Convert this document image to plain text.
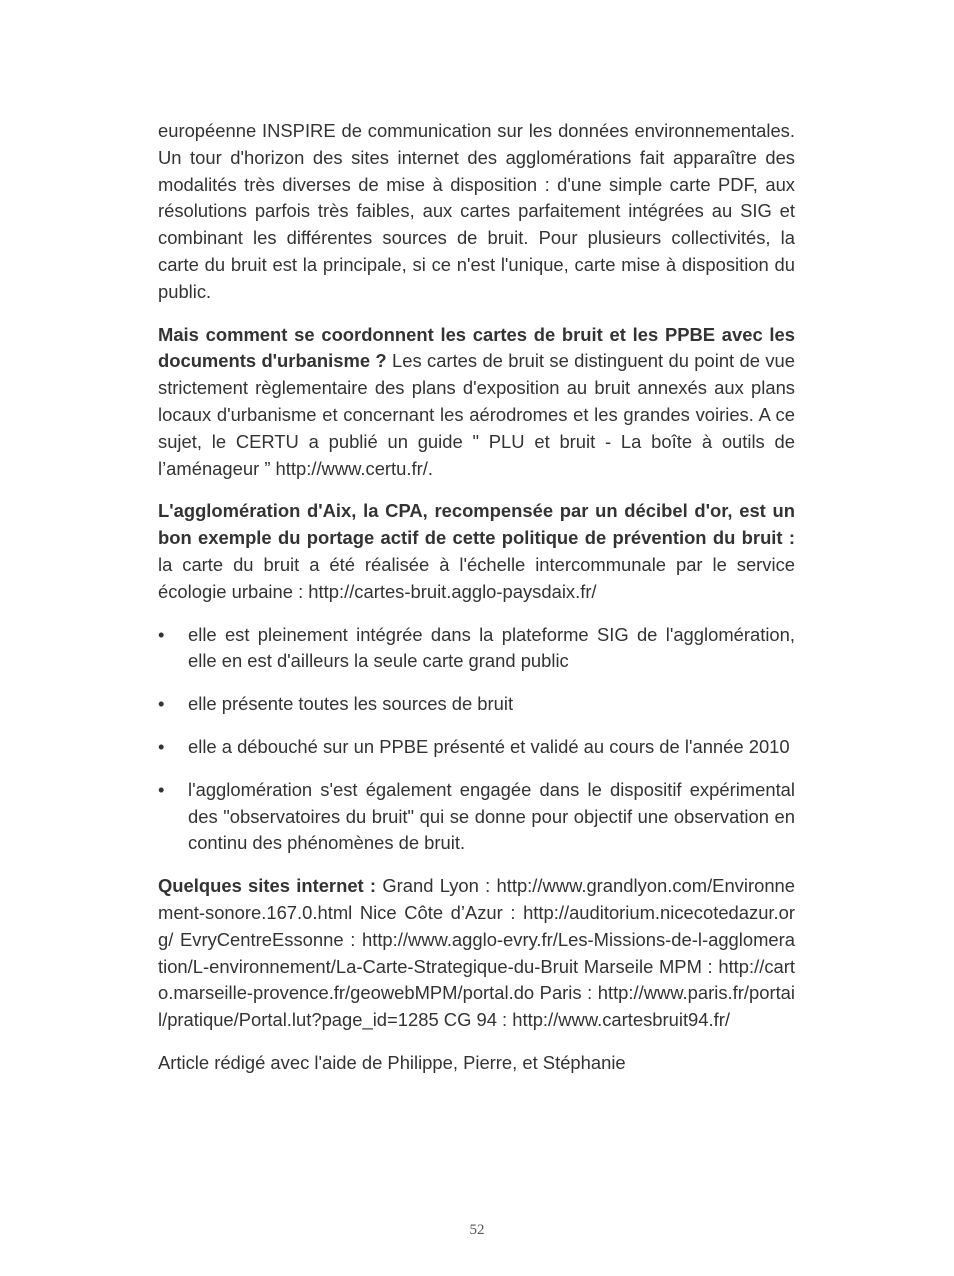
européenne INSPIRE de communication sur les données environnementales. Un tour d'horizon des sites internet des agglomérations fait apparaître des modalités très diverses de mise à disposition : d'une simple carte PDF, aux résolutions parfois très faibles, aux cartes parfaitement intégrées au SIG et combinant les différentes sources de bruit. Pour plusieurs collectivités, la carte du bruit est la principale, si ce n'est l'unique, carte mise à disposition du public.

Mais comment se coordonnent les cartes de bruit et les PPBE avec les documents d'urbanisme ? Les cartes de bruit se distinguent du point de vue strictement règlementaire des plans d'exposition au bruit annexés aux plans locaux d'urbanisme et concernant les aérodromes et les grandes voiries. A ce sujet, le CERTU a publié un guide " PLU et bruit - La boîte à outils de l’aménageur ” http://www.certu.fr/.

L'agglomération d'Aix, la CPA, recompensée par un décibel d'or, est un bon exemple du portage actif de cette politique de prévention du bruit : la carte du bruit a été réalisée à l'échelle intercommunale par le service écologie urbaine : http://cartes-bruit.agglo-paysdaix.fr/

• elle est pleinement intégrée dans la plateforme SIG de l'agglomération, elle en est d'ailleurs la seule carte grand public
• elle présente toutes les sources de bruit
• elle a débouché sur un PPBE présenté et validé au cours de l'année 2010
• l'agglomération s'est également engagée dans le dispositif expérimental des "observatoires du bruit" qui se donne pour objectif une observation en continu des phénomènes de bruit.

Quelques sites internet : Grand Lyon : http://www.grandlyon.com/Environnement-sonore.167.0.html Nice Côte d’Azur : http://auditorium.nicecotedazur.org/ EvryCentreEssonne : http://www.agglo-evry.fr/Les-Missions-de-l-agglomeration/L-environnement/La-Carte-Strategique-du-Bruit Marseile MPM : http://carto.marseille-provence.fr/geowebMPM/portal.do Paris : http://www.paris.fr/portail/pratique/Portal.lut?page_id=1285 CG 94 : http://www.cartesbruit94.fr/

Article rédigé avec l'aide de Philippe, Pierre, et Stéphanie

52
